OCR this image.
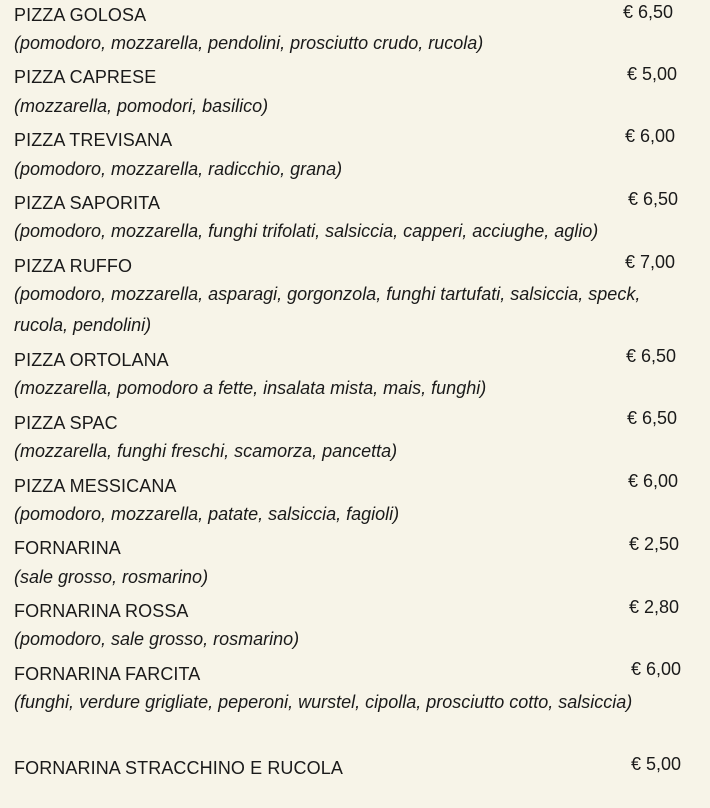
PIZZA GOLOSA	€ 6,50
(pomodoro, mozzarella, pendolini, prosciutto crudo, rucola)
PIZZA CAPRESE	€ 5,00
(mozzarella, pomodori, basilico)
PIZZA TREVISANA	€ 6,00
(pomodoro, mozzarella, radicchio, grana)
PIZZA SAPORITA	€ 6,50
(pomodoro, mozzarella, funghi trifolati, salsiccia, capperi, acciughe, aglio)
PIZZA RUFFO	€ 7,00
(pomodoro, mozzarella, asparagi, gorgonzola, funghi tartufati, salsiccia, speck, rucola, pendolini)
PIZZA ORTOLANA	€ 6,50
(mozzarella, pomodoro a fette, insalata mista, mais, funghi)
PIZZA SPAC	€ 6,50
(mozzarella, funghi freschi, scamorza, pancetta)
PIZZA MESSICANA	€ 6,00
(pomodoro, mozzarella, patate, salsiccia, fagioli)
FORNARINA	€ 2,50
(sale grosso, rosmarino)
FORNARINA ROSSA	€ 2,80
(pomodoro, sale grosso, rosmarino)
FORNARINA FARCITA	€ 6,00
(funghi, verdure grigliate, peperoni, wurstel, cipolla, prosciutto cotto, salsiccia)
FORNARINA STRACCHINO E RUCOLA	€ 5,00
